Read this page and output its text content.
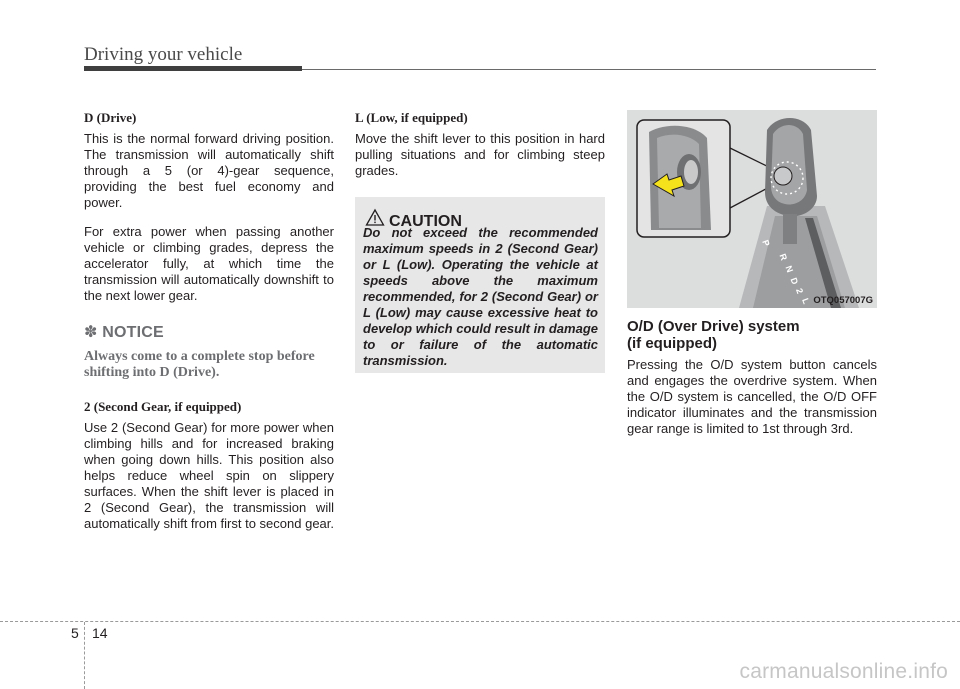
Driving your vehicle
D (Drive)

This is the normal forward driving position. The transmission will automatically shift through a 5 (or 4)-gear sequence, providing the best fuel economy and power.

For extra power when passing another vehicle or climbing grades, depress the accelerator fully, at which time the transmission will automatically downshift to the next lower gear.

✽ NOTICE
Always come to a complete stop before shifting into D (Drive).
2 (Second Gear, if equipped)

Use 2 (Second Gear) for more power when climbing hills and for increased braking when going down hills. This position also helps reduce wheel spin on slippery surfaces. When the shift lever is placed in 2 (Second Gear), the transmission will automatically shift from first to second gear.

L (Low, if equipped)

Move the shift lever to this position in hard pulling situations and for climbing steep grades.

CAUTION
Do not exceed the recommended maximum speeds in 2 (Second Gear) or L (Low). Operating the vehicle at speeds above the maximum recommended, for 2 (Second Gear) or L (Low) may cause excessive heat to develop which could result in damage to or failure of the automatic transmission.
P
R
N
D
2
L OTQ057007G
O/D (Over Drive) system
(if equipped)

Pressing the O/D system button cancels and engages the overdrive system. When the O/D system is cancelled, the O/D OFF indicator illuminates and the transmission gear range is limited to 1st through 3rd.

5 14
carmanualsonline.info
